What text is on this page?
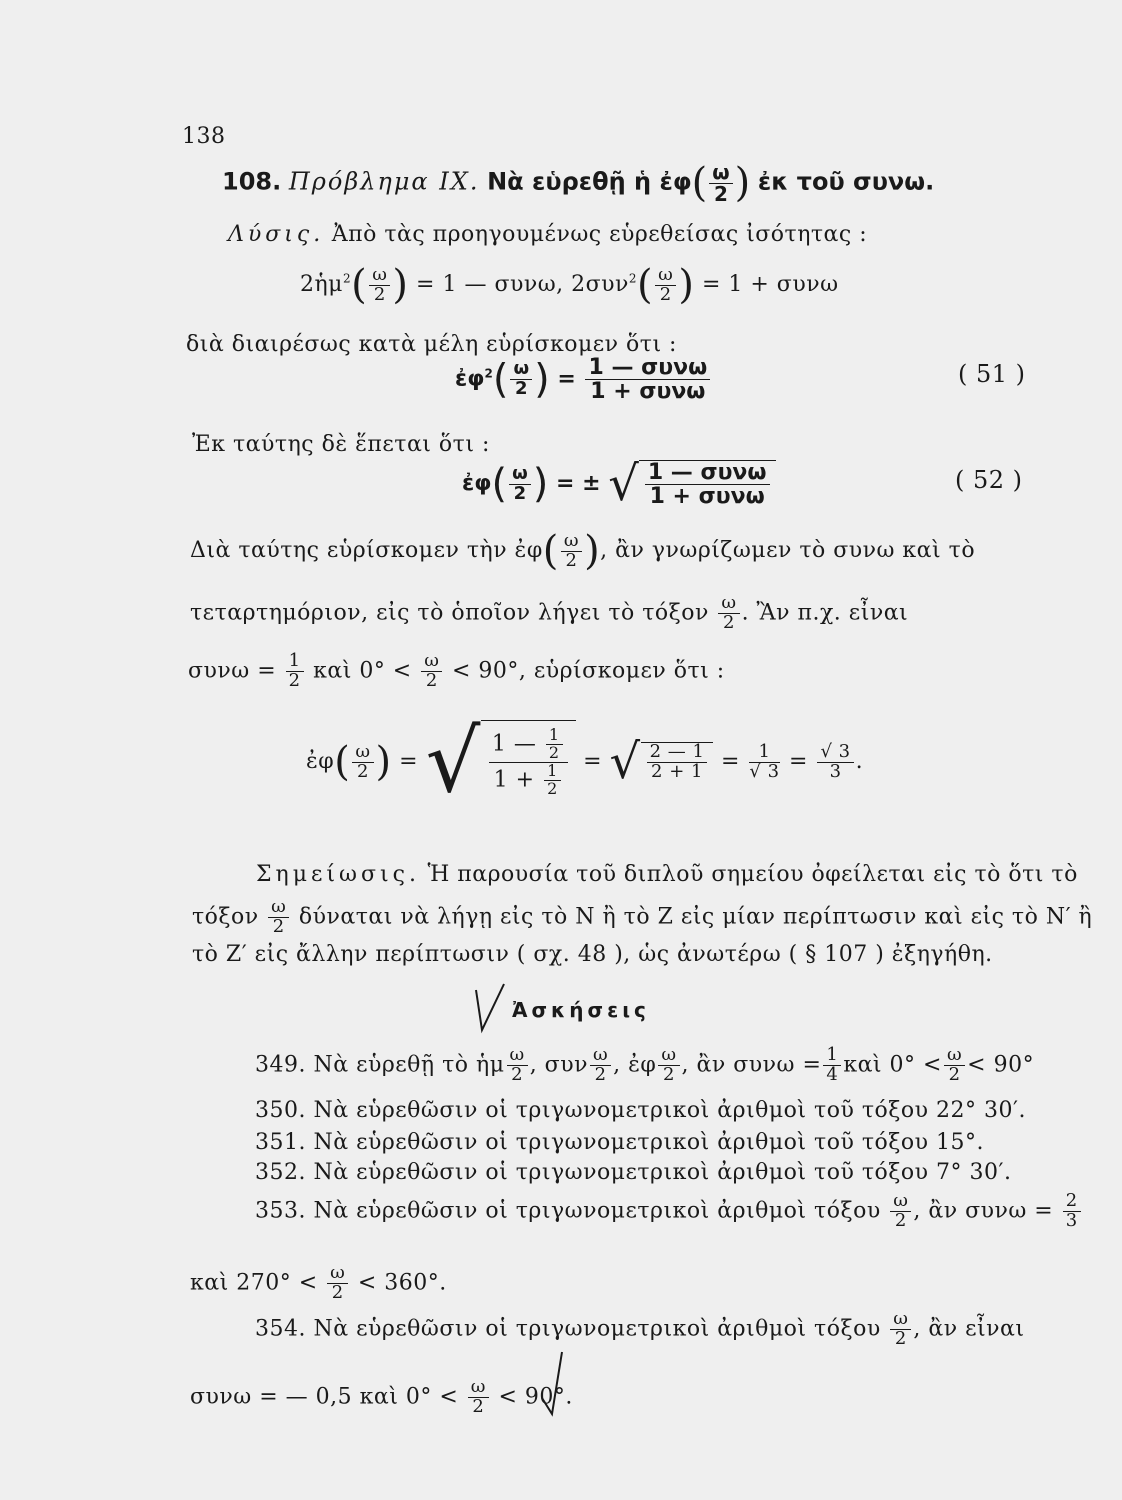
138
108. Πρόβλημα IX. Νὰ εὑρεθῇ ἡ ἐφ( $\frac{\omega}{2}$ ) ἐκ τοῦ συνω.
Λύσις. Ἀπὸ τὰς προηγουμένως εὑρεθείσας ἰσότητας :
2ἡμ$^2$( $\frac{\omega}{2}$ ) = 1 — συνω, $2\sigma\upsilon\nu^2( \frac{\omega}{2}$ ) = 1 + συνω
διὰ διαιρέσως κατὰ μέλη εὑρίσκομεν ὅτι :
ἐφ$^2$( $\frac{\omega}{2}$ ) = $\frac{\text{1 — συνω}}{\text{1 + συνω}}$	( 51 )
Ἐκ ταύτης δὲ ἕπεται ὅτι :
ἐφ( $\frac{\omega}{2}$ ) = ± √ $\frac{\text{1 — συνω}}{\text{1 + συνω}}$	( 52 )
Διὰ ταύτης εὑρίσκομεν τὴν ἐφ( $\frac{\omega}{2}$ ), ἂν γνωρίζωμεν τὸ συνω καὶ τὸ
τεταρτημόριον, εἰς τὸ ὁποῖον λήγει τὸ τόξον $\frac{\omega}{2}$ . Ἂν π.χ. εἶναι
$\sigma\upsilon\nu\omega = \frac{1}{2}$ καὶ $0^\circ < \frac{\omega}{2} < 90^\circ$, εὑρίσκομεν ὅτι :
ἐφ( $\frac{\omega}{2}$ ) = √ $\frac{1 — \frac{1}{2}}{1 + \frac{1}{2}}$ = √ $\frac{2 — 1}{2 + 1} = \frac{1}{√ 3} = \frac{√ 3}{3}$ .
Σημείωσις. Ἡ παρουσία τοῦ διπλοῦ σημείου ὀφείλεται εἰς τὸ ὅτι τὸ
τόξον $\frac{\omega}{2}$ δύναται νὰ λήγῃ εἰς τὸ N ἢ τὸ Z εἰς μίαν περίπτωσιν καὶ εἰς τὸ N′ ἢ
τὸ Z′ εἰς ἄλλην περίπτωσιν ( σχ. 48 ), ὡς ἀνωτέρω ( § 107 ) ἐξηγήθη.
Ἀσκήσεις
349. Νὰ εὑρεθῇ τὸ ἡμ $\frac{\omega}{2}$ , συν $\frac{\omega}{2}$ , ἐφ $\frac{\omega}{2}$ , ἂν $\sigma\upsilon\nu\omega = \frac{1}{4}$ καὶ $0^\circ < \frac{\omega}{2} < 90^\circ$
350. Νὰ εὑρεθῶσιν οἱ τριγωνομετρικοὶ ἀριθμοὶ τοῦ τόξου 22° 30′.
351. Νὰ εὑρεθῶσιν οἱ τριγωνομετρικοὶ ἀριθμοὶ τοῦ τόξου 15°.
352. Νὰ εὑρεθῶσιν οἱ τριγωνομετρικοὶ ἀριθμοὶ τοῦ τόξου 7° 30′.
353. Νὰ εὑρεθῶσιν οἱ τριγωνομετρικοὶ ἀριθμοὶ τόξου $\frac{\omega}{2}$ , ἂν $\sigma\upsilon\nu\omega = \frac{2}{3}$
καὶ $270^\circ < \frac{\omega}{2} < 360^\circ$.
354. Νὰ εὑρεθῶσιν οἱ τριγωνομετρικοὶ ἀριθμοὶ τόξου $\frac{\omega}{2}$ , ἂν εἶναι
συνω = — 0,5 καὶ $0^\circ < \frac{\omega}{2} < 90^\circ$.
